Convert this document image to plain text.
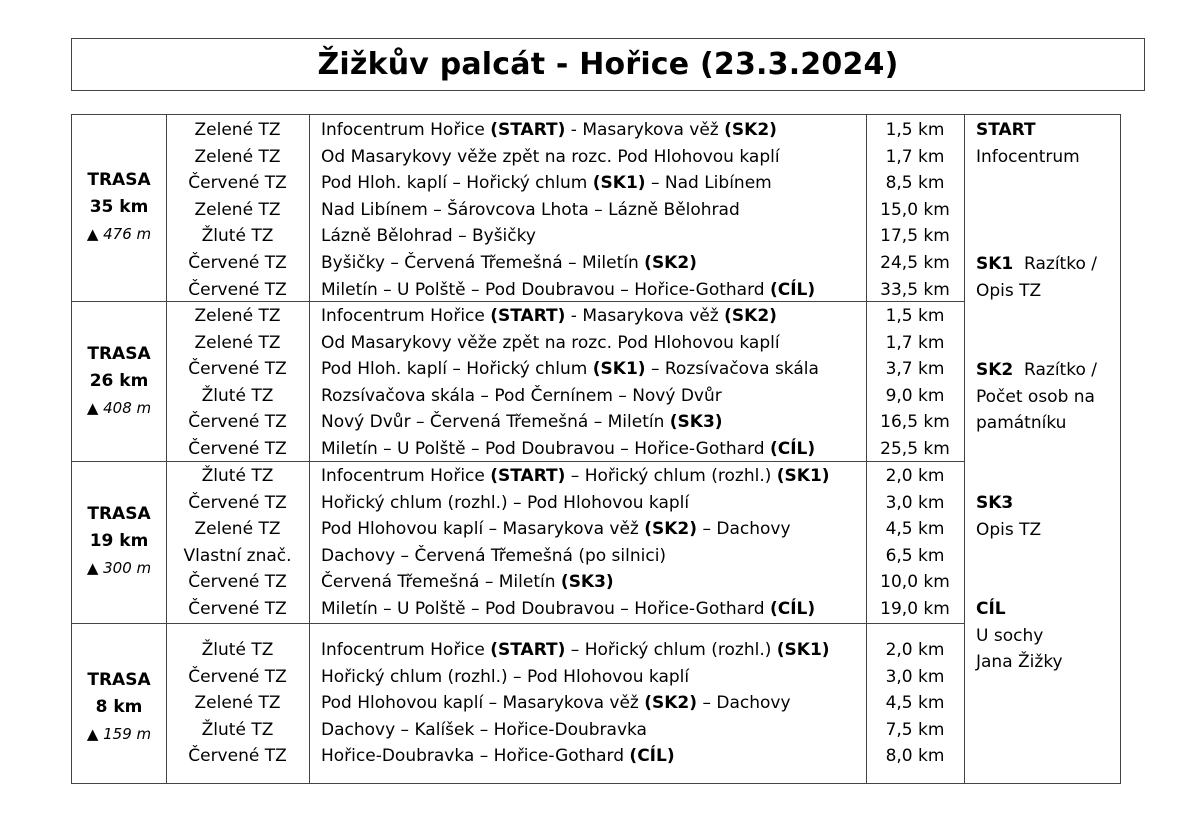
Žižkův palcát - Hořice (23.3.2024)
TRASA
35 km
▲ 476 m
Zelené TZ	Infocentrum Hořice (START) - Masarykova věž (SK2)	1,5 km
Zelené TZ	Od Masarykovy věže zpět na rozc. Pod Hlohovou kaplí	1,7 km
Červené TZ	Pod Hloh. kaplí – Hořický chlum (SK1) – Nad Libínem	8,5 km
Zelené TZ	Nad Libínem – Šárovcova Lhota – Lázně Bělohrad	15,0 km
Žluté TZ	Lázně Bělohrad – Byšičky	17,5 km
Červené TZ	Byšičky – Červená Třemešná – Miletín (SK2)	24,5 km
Červené TZ	Miletín – U Polště – Pod Doubravou – Hořice-Gothard (CÍL)	33,5 km
TRASA
26 km
▲ 408 m
Zelené TZ	Infocentrum Hořice (START) - Masarykova věž (SK2)	1,5 km
Zelené TZ	Od Masarykovy věže zpět na rozc. Pod Hlohovou kaplí	1,7 km
Červené TZ	Pod Hloh. kaplí – Hořický chlum (SK1) – Rozsívačova skála	3,7 km
Žluté TZ	Rozsívačova skála – Pod Černínem – Nový Dvůr	9,0 km
Červené TZ	Nový Dvůr – Červená Třemešná – Miletín (SK3)	16,5 km
Červené TZ	Miletín – U Polště – Pod Doubravou – Hořice-Gothard (CÍL)	25,5 km
TRASA
19 km
▲ 300 m
Žluté TZ	Infocentrum Hořice (START) – Hořický chlum (rozhl.) (SK1)	2,0 km
Červené TZ	Hořický chlum (rozhl.) – Pod Hlohovou kaplí	3,0 km
Zelené TZ	Pod Hlohovou kaplí – Masarykova věž (SK2) – Dachovy	4,5 km
Vlastní znač.	Dachovy – Červená Třemešná (po silnici)	6,5 km
Červené TZ	Červená Třemešná – Miletín (SK3)	10,0 km
Červené TZ	Miletín – U Polště – Pod Doubravou – Hořice-Gothard (CÍL)	19,0 km
TRASA
8 km
▲ 159 m
Žluté TZ	Infocentrum Hořice (START) – Hořický chlum (rozhl.) (SK1)	2,0 km
Červené TZ	Hořický chlum (rozhl.) – Pod Hlohovou kaplí	3,0 km
Zelené TZ	Pod Hlohovou kaplí – Masarykova věž (SK2) – Dachovy	4,5 km
Žluté TZ	Dachovy – Kalíšek – Hořice-Doubravka	7,5 km
Červené TZ	Hořice-Doubravka – Hořice-Gothard (CÍL)	8,0 km
START
Infocentrum
SK1  Razítko /
Opis TZ
SK2  Razítko /
Počet osob na
památníku
SK3
Opis TZ
CÍL
U sochy
Jana Žižky
